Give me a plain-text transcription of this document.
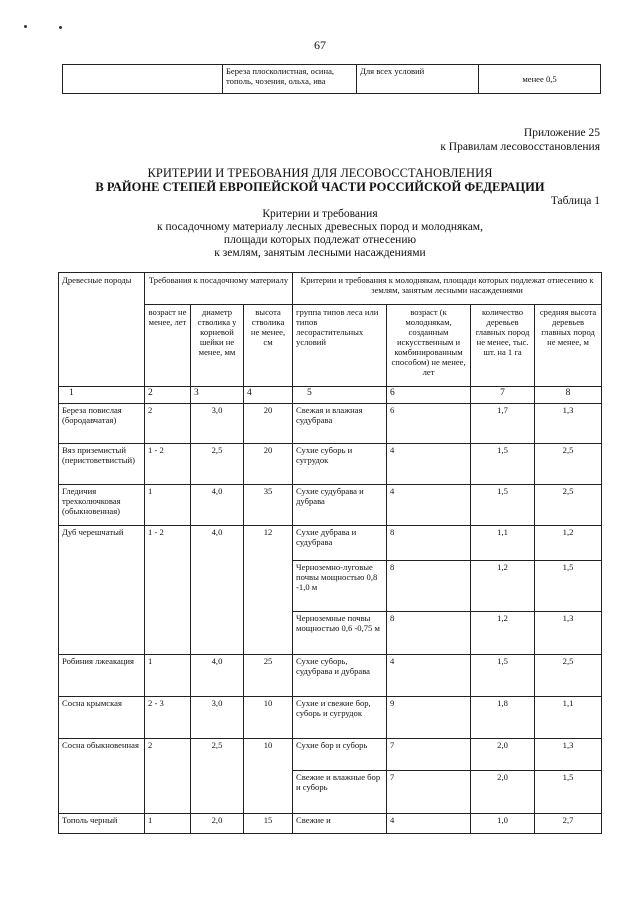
67
	Береза плосколистная, осина, тополь, чозения, ольха, ива	Для всех условий	менее 0,5
Приложение 25
к Правилам лесовосстановления
КРИТЕРИИ И ТРЕБОВАНИЯ ДЛЯ ЛЕСОВОССТАНОВЛЕНИЯ
В РАЙОНЕ СТЕПЕЙ ЕВРОПЕЙСКОЙ ЧАСТИ РОССИЙСКОЙ ФЕДЕРАЦИИ
Таблица 1
Критерии и требования
к посадочному материалу лесных древесных пород и молоднякам,
площади которых подлежат отнесению
к землям, занятым лесными насаждениями
Древесные породы	Требования к посадочному материалу			Критерии и требования к молоднякам, площади которых подлежат отнесению к землям, занятым лесными насаждениями			
	возраст не менее, лет	диаметр стволика у корневой шейки не менее, мм	высота стволика не менее, см	группа типов леса или типов лесорастительных условий	возраст (к молоднякам, созданным искусственным и комбинированным способом) не менее, лет	количество деревьев главных пород не менее, тыс. шт. на 1 га	средняя высота деревьев главных пород не менее, м
1	2	3	4	5	6	7	8
Береза повислая (бородавчатая)	2	3,0	20	Свежая и влажная судубрава	6	1,7	1,3
Вяз приземистый (перистоветвистый)	1 - 2	2,5	20	Сухие суборь и сугрудок	4	1,5	2,5
Гледичия трехколючковая (обыкновенная)	1	4,0	35	Сухие судубрава и дубрава	4	1,5	2,5
Дуб черешчатый	1 - 2	4,0	12	Сухие дубрава и судубрава	8	1,1	1,2
				Черноземно-луговые почвы мощностью 0,8 -1,0 м	8	1,2	1,5
				Черноземные почвы мощностью 0,6 -0,75 м	8	1,2	1,3
Робиния лжеакация	1	4,0	25	Сухие суборь, судубрава и дубрава	4	1,5	2,5
Сосна крымская	2 - 3	3,0	10	Сухие и свежие бор, суборь и сугрудок	9	1,8	1,1
Сосна обыкновенная	2	2,5	10	Сухие бор и суборь	7	2,0	1,3
				Свежие и влажные бор и суборь	7	2,0	1,5
Тополь черный	1	2,0	15	Свежие и	4	1,0	2,7
